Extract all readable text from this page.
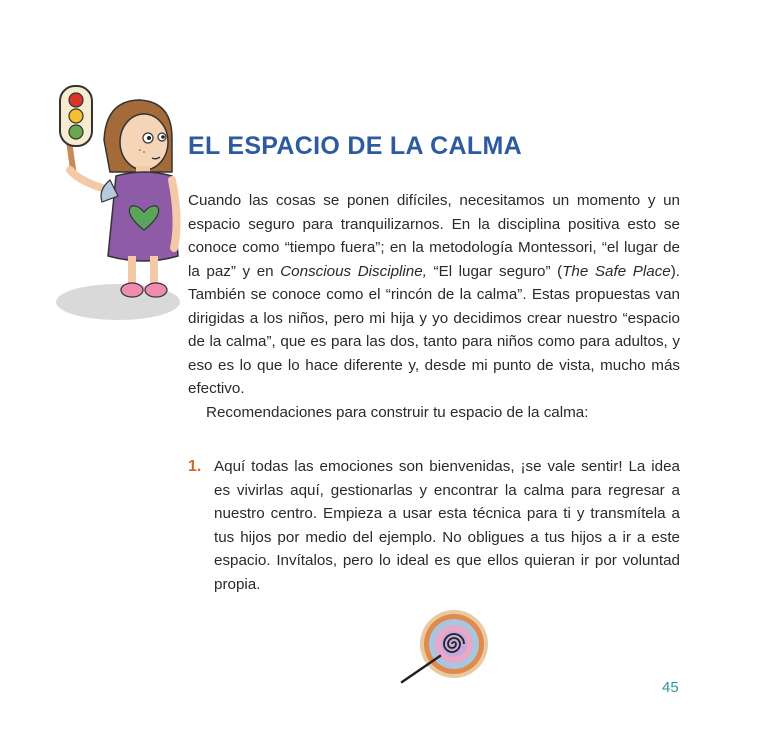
EL ESPACIO DE LA CALMA

Cuando las cosas se ponen difíciles, necesitamos un momento y un espacio seguro para tranquilizarnos. En la disciplina positiva esto se conoce como “tiempo fuera”; en la metodología Montessori, “el lugar de la paz” y en Conscious Discipline, “El lugar seguro” (The Safe Place). También se conoce como el “rincón de la calma”. Estas propuestas van dirigidas a los niños, pero mi hija y yo decidimos crear nuestro “espacio de la calma”, que es para las dos, tanto para niños como para adultos, y eso es lo que lo hace diferente y, desde mi punto de vista, mucho más efectivo.

Recomendaciones para construir tu espacio de la calma:

1. Aquí todas las emociones son bienvenidas, ¡se vale sentir! La idea es vivirlas aquí, gestionarlas y encontrar la calma para regresar a nuestro centro. Empieza a usar esta técnica para ti y transmítela a tus hijos por medio del ejemplo. No obligues a tus hijos a ir a este espacio. Invítalos, pero lo ideal es que ellos quieran ir por voluntad propia.
45
